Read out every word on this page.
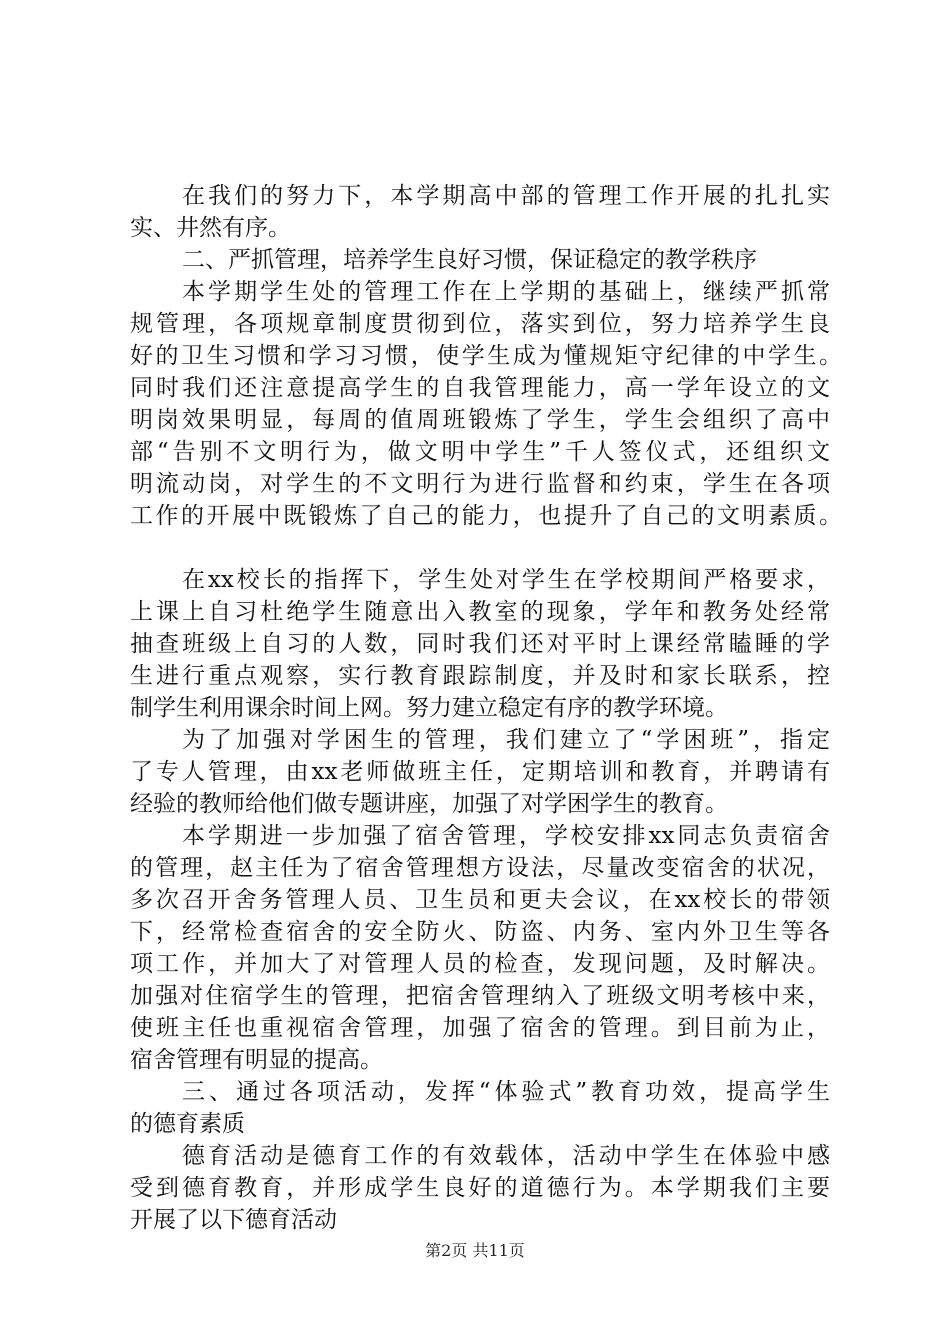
在我们的努力下，本学期高中部的管理工作开展的扎扎实
实、井然有序。
二、严抓管理，培养学生良好习惯，保证稳定的教学秩序
本学期学生处的管理工作在上学期的基础上，继续严抓常
规管理，各项规章制度贯彻到位，落实到位，努力培养学生良
好的卫生习惯和学习习惯，使学生成为懂规矩守纪律的中学生。
同时我们还注意提高学生的自我管理能力，高一学年设立的文
明岗效果明显，每周的值周班锻炼了学生，学生会组织了高中
部“告别不文明行为，做文明中学生”千人签仪式，还组织文
明流动岗，对学生的不文明行为进行监督和约束，学生在各项
工作的开展中既锻炼了自己的能力，也提升了自己的文明素质。
在xx校长的指挥下，学生处对学生在学校期间严格要求，
上课上自习杜绝学生随意出入教室的现象，学年和教务处经常
抽查班级上自习的人数，同时我们还对平时上课经常瞌睡的学
生进行重点观察，实行教育跟踪制度，并及时和家长联系，控
制学生利用课余时间上网。努力建立稳定有序的教学环境。
为了加强对学困生的管理，我们建立了“学困班”，指定
了专人管理，由xx老师做班主任，定期培训和教育，并聘请有
经验的教师给他们做专题讲座，加强了对学困学生的教育。
本学期进一步加强了宿舍管理，学校安排xx同志负责宿舍
的管理，赵主任为了宿舍管理想方设法，尽量改变宿舍的状况，
多次召开舍务管理人员、卫生员和更夫会议，在xx校长的带领
下，经常检查宿舍的安全防火、防盗、内务、室内外卫生等各
项工作，并加大了对管理人员的检查，发现问题，及时解决。
加强对住宿学生的管理，把宿舍管理纳入了班级文明考核中来，
使班主任也重视宿舍管理，加强了宿舍的管理。到目前为止，
宿舍管理有明显的提高。
三、通过各项活动，发挥“体验式”教育功效，提高学生
的德育素质
德育活动是德育工作的有效载体，活动中学生在体验中感
受到德育教育，并形成学生良好的道德行为。本学期我们主要
开展了以下德育活动
第2页 共11页
